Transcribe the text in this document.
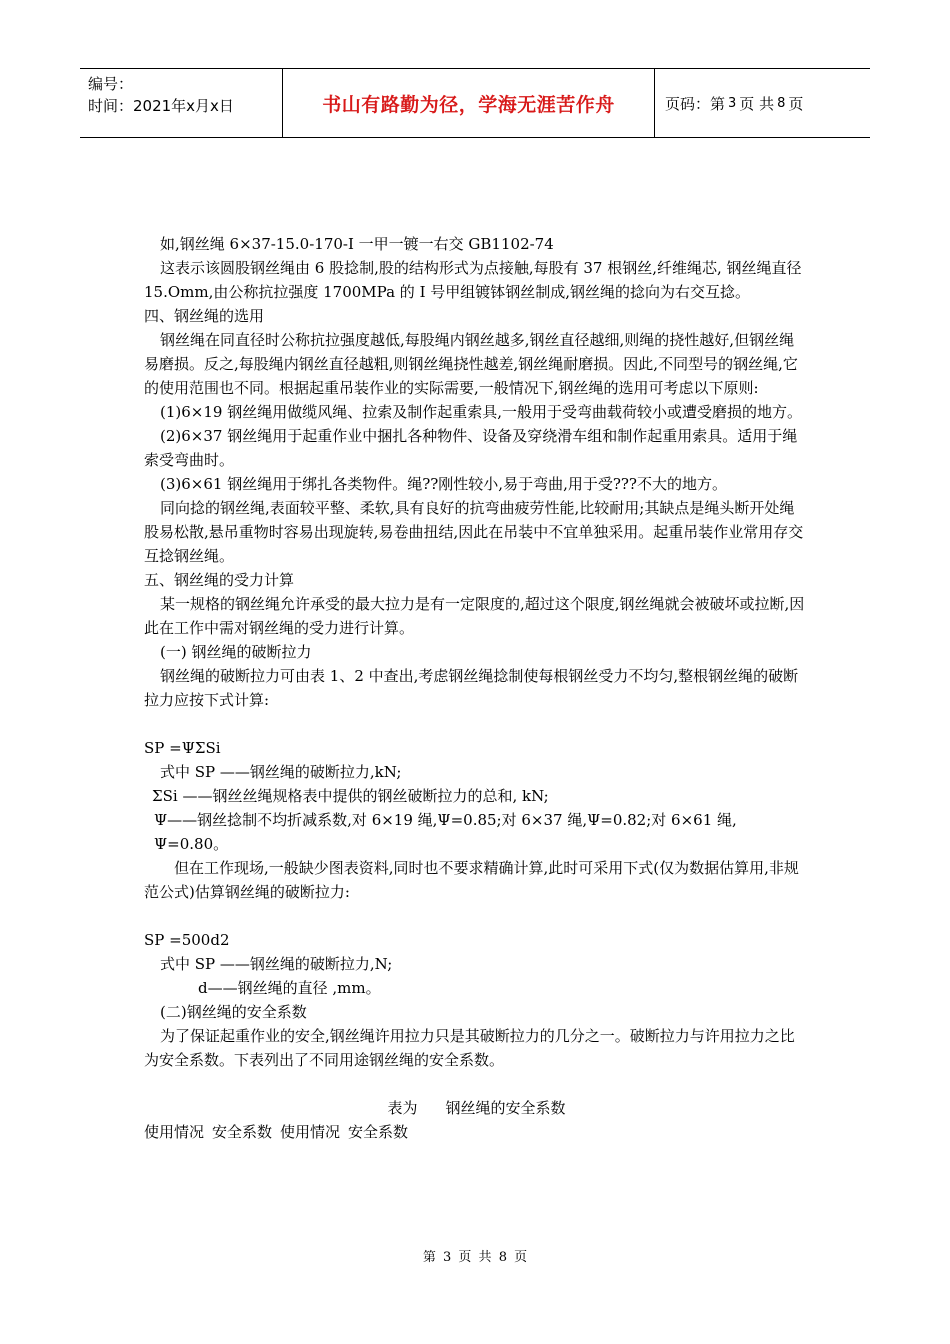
编号：
时间：2021年x月x日	书山有路勤为径，学海无涯苦作舟	页码：第 3 页 共 8 页

如,钢丝绳 6×37-15.0-170-I 一甲一镀一右交 GB1102-74

这表示该圆股钢丝绳由 6 股捻制,股的结构形式为点接触,每股有 37 根钢丝,纤维绳芯, 钢丝绳直径 15.Omm,由公称抗拉强度 1700MPa 的 I 号甲组镀钵钢丝制成,钢丝绳的捻向为右交互捻。

四、钢丝绳的选用

钢丝绳在同直径时公称抗拉强度越低,每股绳内钢丝越多,钢丝直径越细,则绳的挠性越好,但钢丝绳易磨损。反之,每股绳内钢丝直径越粗,则钢丝绳挠性越差,钢丝绳耐磨损。因此,不同型号的钢丝绳,它的使用范围也不同。根据起重吊装作业的实际需要,一般情况下,钢丝绳的选用可考虑以下原则:

(1)6×19 钢丝绳用做缆风绳、拉索及制作起重索具,一般用于受弯曲载荷较小或遭受磨损的地方。

(2)6×37 钢丝绳用于起重作业中捆扎各种物件、设备及穿绕滑车组和制作起重用索具。适用于绳索受弯曲时。

(3)6×61 钢丝绳用于绑扎各类物件。绳??刚性较小,易于弯曲,用于受???不大的地方。

同向捻的钢丝绳,表面较平整、柔软,具有良好的抗弯曲疲劳性能,比较耐用;其缺点是绳头断开处绳股易松散,悬吊重物时容易出现旋转,易卷曲扭结,因此在吊装中不宜单独采用。起重吊装作业常用存交互捻钢丝绳。

五、钢丝绳的受力计算

某一规格的钢丝绳允许承受的最大拉力是有一定限度的,超过这个限度,钢丝绳就会被破坏或拉断,因此在工作中需对钢丝绳的受力进行计算。

(一) 钢丝绳的破断拉力

钢丝绳的破断拉力可由表 1、2 中查出,考虑钢丝绳捻制使每根钢丝受力不均匀,整根钢丝绳的破断拉力应按下式计算:

SP =ΨΣSi

式中 SP ——钢丝绳的破断拉力,kN;

ΣSi ——钢丝丝绳规格表中提供的钢丝破断拉力的总和, kN;

Ψ——钢丝捻制不均折减系数,对 6×19 绳,Ψ=0.85;对 6×37 绳,Ψ=0.82;对 6×61 绳, Ψ=0.80。

但在工作现场,一般缺少图表资料,同时也不要求精确计算,此时可采用下式(仅为数据估算用,非规范公式)估算钢丝绳的破断拉力:

SP =500d2

式中 SP ——钢丝绳的破断拉力,N;

d——钢丝绳的直径 ,mm。

(二)钢丝绳的安全系数

为了保证起重作业的安全,钢丝绳许用拉力只是其破断拉力的几分之一。破断拉力与许用拉力之比为安全系数。下表列出了不同用途钢丝绳的安全系数。

表为 钢丝绳的安全系数

使用情况 安全系数 使用情况 安全系数

第 3 页 共 8 页
